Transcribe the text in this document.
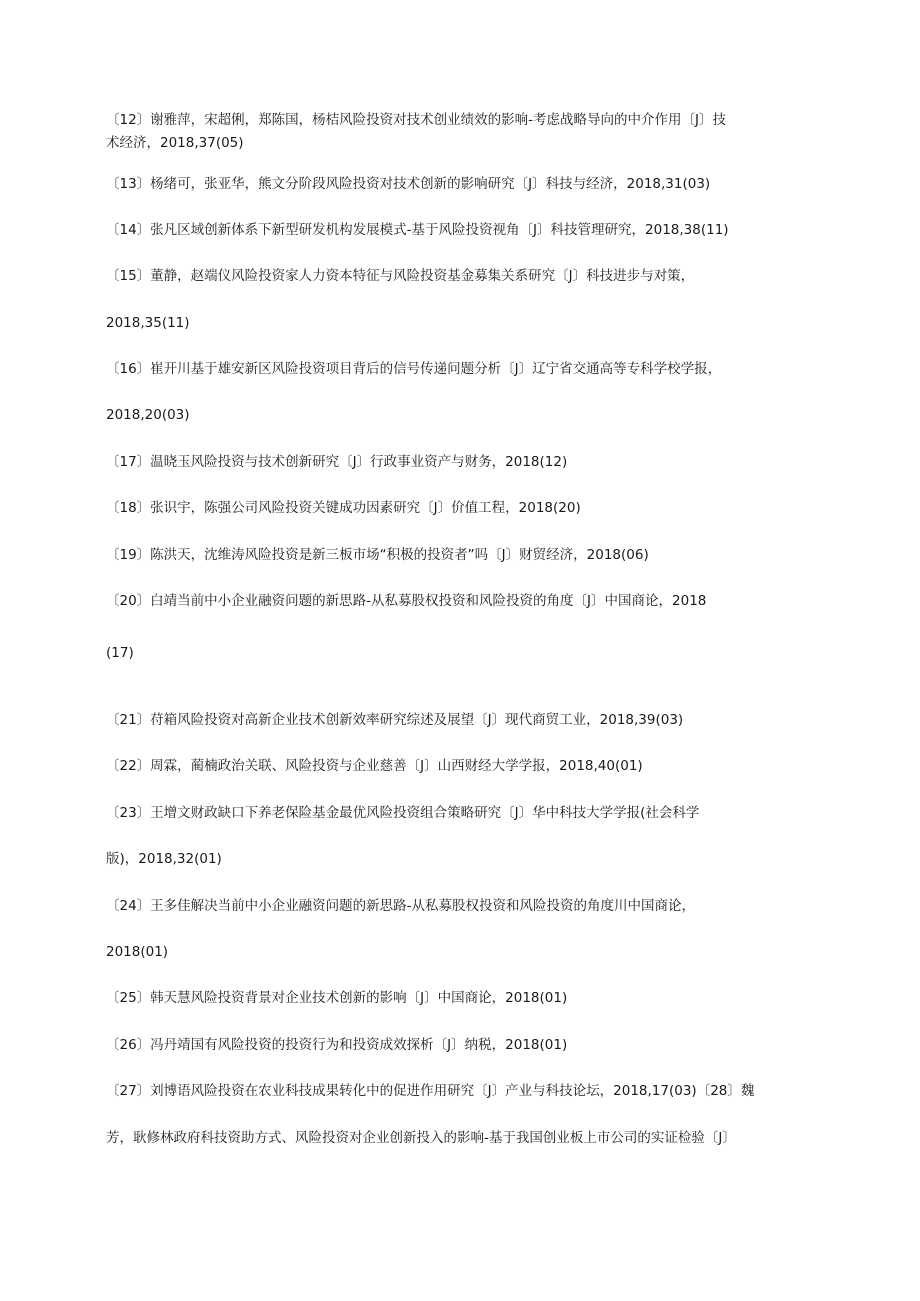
〔12〕谢雅萍，宋超俐，郑陈国，杨桔风险投资对技术创业绩效的影响-考虑战略导向的中介作用〔J〕技
术经济，2018,37(05)
〔13〕杨绪可，张亚华，熊文分阶段风险投资对技术创新的影响研究〔J〕科技与经济，2018,31(03)
〔14〕张凡区域创新体系下新型研发机构发展模式-基于风险投资视角〔J〕科技管理研究，2018,38(11)
〔15〕董静，赵端仪风险投资家人力资本特征与风险投资基金募集关系研究〔J〕科技进步与对策，
2018,35(11)
〔16〕崔开川基于雄安新区风险投资项目背后的信号传递问题分析〔J〕辽宁省交通高等专科学校学报，
2018,20(03)
〔17〕温晓玉风险投资与技术创新研究〔J〕行政事业资产与财务，2018(12)
〔18〕张识宇，陈强公司风险投资关键成功因素研究〔J〕价值工程，2018(20)
〔19〕陈洪天，沈维涛风险投资是新三板市场“积极的投资者”吗〔J〕财贸经济，2018(06)
〔20〕白靖当前中小企业融资问题的新思路-从私募股权投资和风险投资的角度〔J〕中国商论，2018
(17)
〔21〕苻箱风险投资对高新企业技术创新效率研究综述及展望〔J〕现代商贸工业，2018,39(03)
〔22〕周霖，蔺楠政治关联、风险投资与企业慈善〔J〕山西财经大学学报，2018,40(01)
〔23〕王增文财政缺口下养老保险基金最优风险投资组合策略研究〔J〕华中科技大学学报(社会科学
版)，2018,32(01)
〔24〕王多佳解决当前中小企业融资问题的新思路-从私募股权投资和风险投资的角度川中国商论，
2018(01)
〔25〕韩天慧风险投资背景对企业技术创新的影响〔J〕中国商论，2018(01)
〔26〕冯丹靖国有风险投资的投资行为和投资成效探析〔J〕纳税，2018(01)
〔27〕刘博语风险投资在农业科技成果转化中的促进作用研究〔J〕产业与科技论坛，2018,17(03)〔28〕魏
芳，耿修林政府科技资助方式、风险投资对企业创新投入的影响-基于我国创业板上市公司的实证检验〔J〕
